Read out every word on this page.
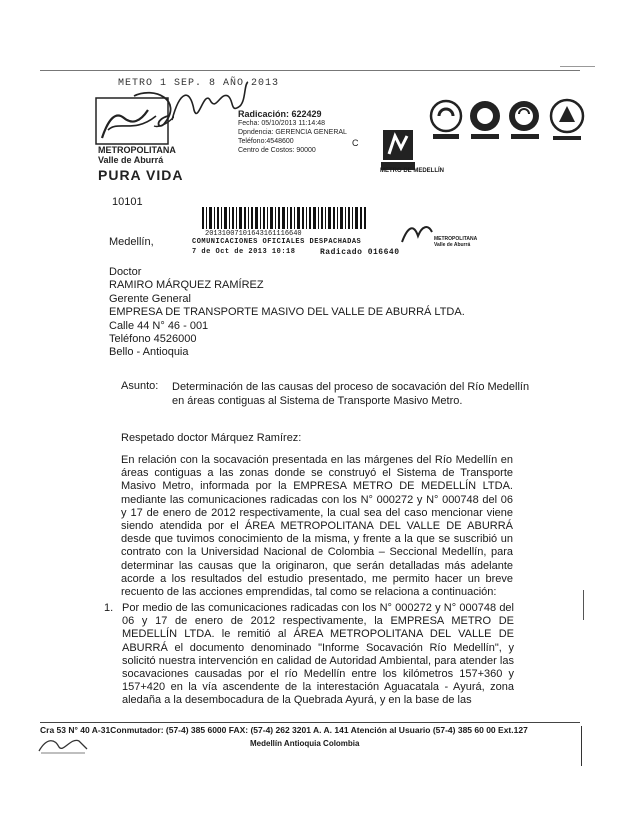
METRO 1 SEP. 8 AÑO 2013
METROPOLITANA
Valle de Aburrá
PURA VIDA
Radicación: 622429
Fecha: 05/10/2013 11:14:48
Dpndencia: GERENCIA GENERAL
Teléfono:4548600
Centro de Costos: 90000
C
METRO DE MEDELLÍN
10101
Medellín,
20131007101643161116640
COMUNICACIONES OFICIALES DESPACHADAS
7 de Oct de 2013 10:18	Radicado 016640
METROPOLITANA
Valle de Aburrá
Doctor
RAMIRO MÁRQUEZ RAMÍREZ
Gerente General
EMPRESA DE TRANSPORTE MASIVO DEL VALLE DE ABURRÁ LTDA.
Calle 44 N° 46 - 001
Teléfono 4526000
Bello - Antioquia
Asunto: Determinación de las causas del proceso de socavación del Río Medellín
en áreas contiguas al Sistema de Transporte Masivo Metro.
Respetado doctor Márquez Ramírez:
En relación con la socavación presentada en las márgenes del Río Medellín en áreas contiguas a las zonas donde se construyó el Sistema de Transporte Masivo Metro, informada por la EMPRESA METRO DE MEDELLÍN LTDA. mediante las comunicaciones radicadas con los N° 000272 y N° 000748 del 06 y 17 de enero de 2012 respectivamente, la cual sea del caso mencionar viene siendo atendida por el ÁREA METROPOLITANA DEL VALLE DE ABURRÁ desde que tuvimos conocimiento de la misma, y frente a la que se suscribió un contrato con la Universidad Nacional de Colombia – Seccional Medellín, para determinar las causas que la originaron, que serán detalladas más adelante acorde a los resultados del estudio presentado, me permito hacer un breve recuento de las acciones emprendidas, tal como se relaciona a continuación:
1. Por medio de las comunicaciones radicadas con los N° 000272 y N° 000748 del 06 y 17 de enero de 2012 respectivamente, la EMPRESA METRO DE MEDELLÍN LTDA. le remitió al ÁREA METROPOLITANA DEL VALLE DE ABURRÁ el documento denominado "Informe Socavación Río Medellín", y solicitó nuestra intervención en calidad de Autoridad Ambiental, para atender las socavaciones causadas por el río Medellín entre los kilómetros 157+360 y 157+420 en la vía ascendente de la interestación Aguacatala - Ayurá, zona aledaña a la desembocadura de la Quebrada Ayurá, y en la base de las
Cra 53 N° 40 A-31Conmutador: (57-4) 385 6000 FAX: (57-4) 262 3201 A. A. 141 Atención al Usuario (57-4) 385 60 00 Ext.127
Medellín Antioquia Colombia
